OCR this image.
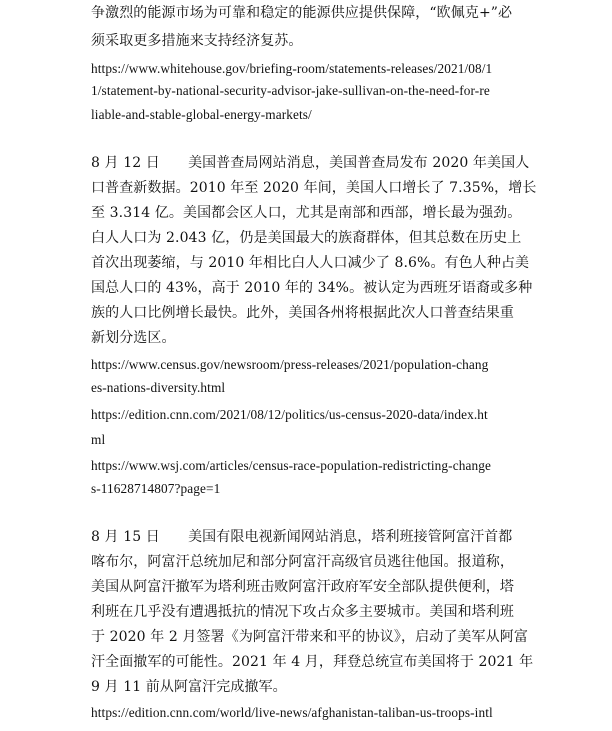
争激烈的能源市场为可靠和稳定的能源供应提供保障，“欧佩克+”必
须采取更多措施来支持经济复苏。
https://www.whitehouse.gov/briefing-room/statements-releases/2021/08/1
1/statement-by-national-security-advisor-jake-sullivan-on-the-need-for-re
liable-and-stable-global-energy-markets/
8 月 12 日　　美国普查局网站消息，美国普查局发布 2020 年美国人
口普查新数据。2010 年至 2020 年间，美国人口增长了 7.35%，增长
至 3.314 亿。美国都会区人口，尤其是南部和西部，增长最为强劲。
白人人口为 2.043 亿，仍是美国最大的族裔群体，但其总数在历史上
首次出现萎缩，与 2010 年相比白人人口减少了 8.6%。有色人种占美
国总人口的 43%，高于 2010 年的 34%。被认定为西班牙语裔或多种
族的人口比例增长最快。此外，美国各州将根据此次人口普查结果重
新划分选区。
https://www.census.gov/newsroom/press-releases/2021/population-chang
es-nations-diversity.html
https://edition.cnn.com/2021/08/12/politics/us-census-2020-data/index.ht
ml
https://www.wsj.com/articles/census-race-population-redistricting-change
s-11628714807?page=1
8 月 15 日　　美国有限电视新闻网站消息，塔利班接管阿富汗首都
喀布尔，阿富汗总统加尼和部分阿富汗高级官员逃往他国。报道称，
美国从阿富汗撤军为塔利班击败阿富汗政府军安全部队提供便利，塔
利班在几乎没有遭遇抵抗的情况下攻占众多主要城市。美国和塔利班
于 2020 年 2 月签署《为阿富汗带来和平的协议》，启动了美军从阿富
汗全面撤军的可能性。2021 年 4 月，拜登总统宣布美国将于 2021 年
9 月 11 前从阿富汗完成撤军。
https://edition.cnn.com/world/live-news/afghanistan-taliban-us-troops-intl
